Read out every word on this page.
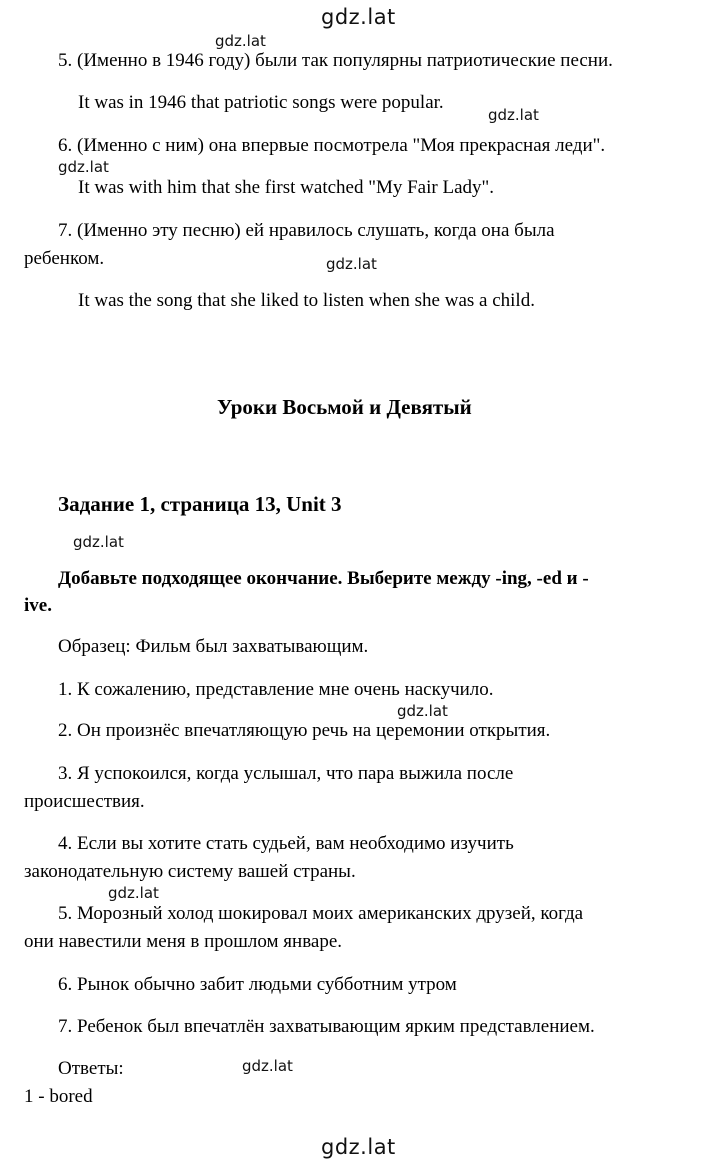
gdz.lat
gdz.lat
5. (Именно в 1946 году) были так популярны патриотические песни.
It was in 1946 that patriotic songs were popular.
gdz.lat
6. (Именно с ним) она впервые посмотрела "Моя прекрасная леди".
gdz.lat
It was with him that she first watched "My Fair Lady".
7. (Именно эту песню) ей нравилось слушать, когда она была
ребенком.	gdz.lat
It was the song that she liked to listen when she was a child.
Уроки Восьмой и Девятый
Задание 1, страница 13, Unit 3
gdz.lat
Добавьте подходящее окончание. Выберите между -ing, -ed и -
ive.
Образец: Фильм был захватывающим.
1. К сожалению, представление мне очень наскучило.
gdz.lat
2. Он произнёс впечатляющую речь на церемонии открытия.
3. Я успокоился, когда услышал, что пара выжила после
происшествия.
4. Если вы хотите стать судьей, вам необходимо изучить
законодательную систему вашей страны.
gdz.lat
5. Морозный холод шокировал моих американских друзей, когда
они навестили меня в прошлом январе.
6. Рынок обычно забит людьми субботним утром
7. Ребенок был впечатлён захватывающим ярким представлением.
Ответы:	gdz.lat
1 - bored
gdz.lat
